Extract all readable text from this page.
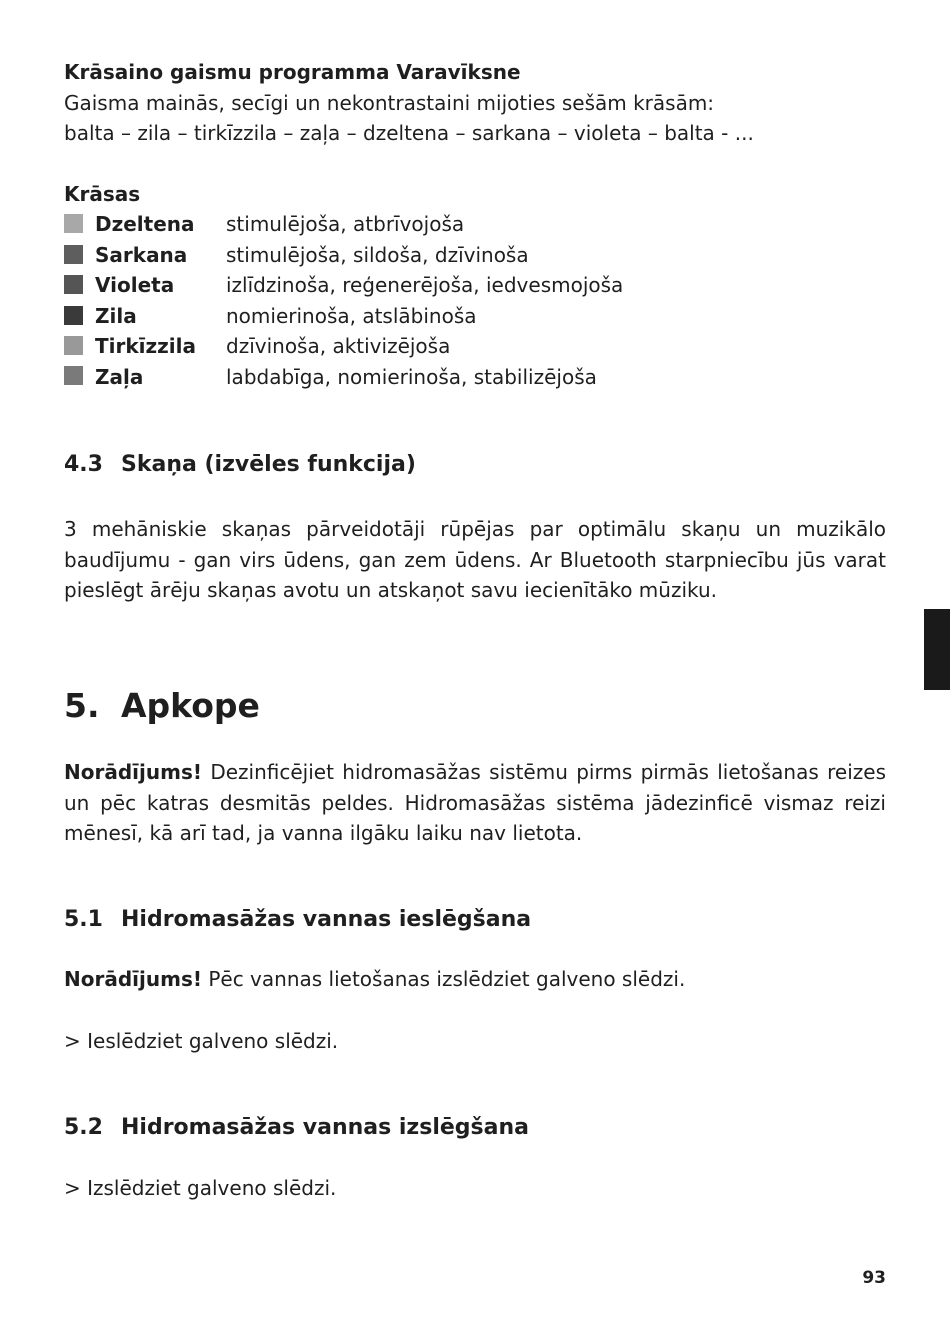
Krāsaino gaismu programma Varavīksne
Gaisma mainās, secīgi un nekontrastaini mijoties sešām krāsām:
balta – zila – tirkīzzila – zaļa – dzeltena – sarkana – violeta – balta - ...
Krāsas
Dzeltena stimulējoša, atbrīvojoša
Sarkana stimulējoša, sildoša, dzīvinoša
Violeta	izlīdzinoša, reģenerējoša, iedvesmojoša
Zila	nomierinoša, atslābinoša
Tirkīzzila dzīvinoša, aktivizējoša
Zaļa	labdabīga, nomierinoša, stabilizējoša
4.3 Skaņa (izvēles funkcija)
3 mehāniskie skaņas pārveidotāji rūpējas par optimālu skaņu un muzikālo baudījumu - gan virs ūdens, gan zem ūdens. Ar Bluetooth starpniecību jūs varat pieslēgt ārēju skaņas avotu un atskaņot savu iecienītāko mūziku.
5. Apkope
Norādījums! Dezinficējiet hidromasāžas sistēmu pirms pirmās lietošanas reizes un pēc katras desmitās peldes. Hidromasāžas sistēma jādezinficē vismaz reizi mēnesī, kā arī tad, ja vanna ilgāku laiku nav lietota.
5.1 Hidromasāžas vannas ieslēgšana
Norādījums! Pēc vannas lietošanas izslēdziet galveno slēdzi.
> Ieslēdziet galveno slēdzi.
5.2 Hidromasāžas vannas izslēgšana
> Izslēdziet galveno slēdzi.
93
